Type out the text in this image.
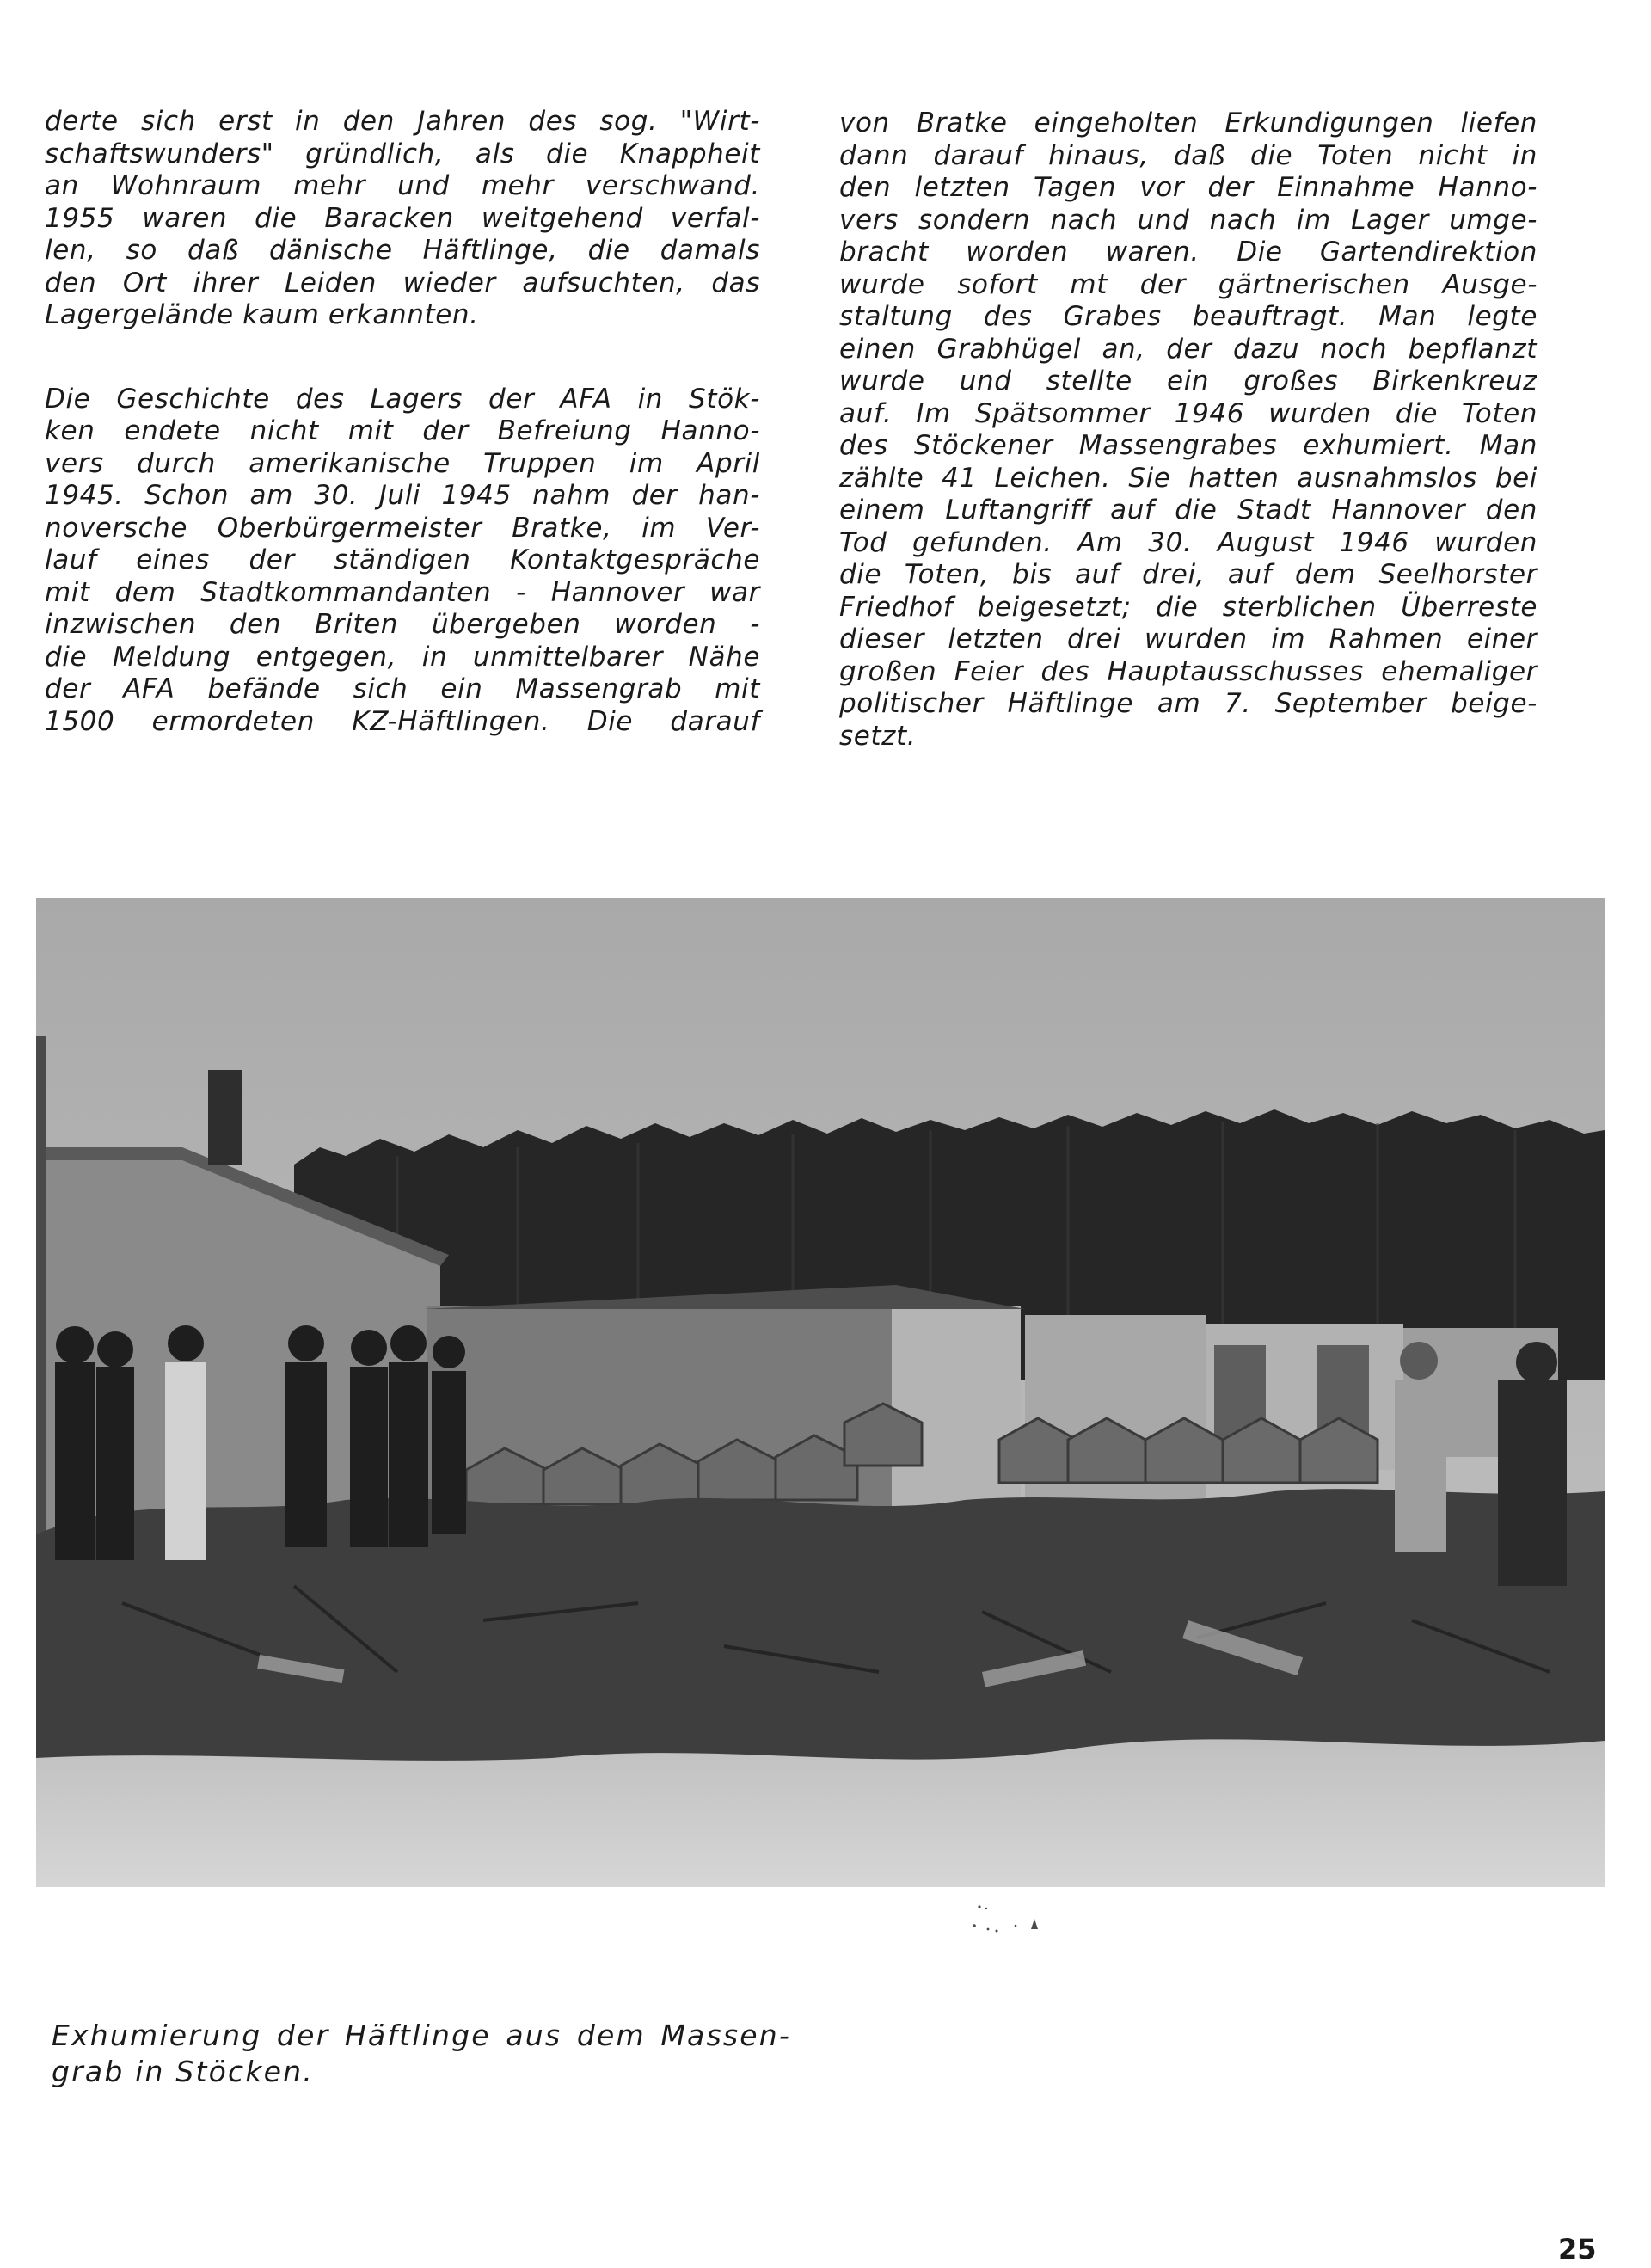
derte sich erst in den Jahren des sog. "Wirt-
schaftswunders" gründlich, als die Knappheit
an Wohnraum mehr und mehr verschwand.
1955 waren die Baracken weitgehend verfal-
len, so daß dänische Häftlinge, die damals
den Ort ihrer Leiden wieder aufsuchten, das
Lagergelände kaum erkannten.
Die Geschichte des Lagers der AFA in Stök-
ken endete nicht mit der Befreiung Hanno-
vers durch amerikanische Truppen im April
1945. Schon am 30. Juli 1945 nahm der han-
noversche Oberbürgermeister Bratke, im Ver-
lauf eines der ständigen Kontaktgespräche
mit dem Stadtkommandanten - Hannover war
inzwischen den Briten übergeben worden -
die Meldung entgegen, in unmittelbarer Nähe
der AFA befände sich ein Massengrab mit
1500 ermordeten KZ-Häftlingen. Die darauf
von Bratke eingeholten Erkundigungen liefen
dann darauf hinaus, daß die Toten nicht in
den letzten Tagen vor der Einnahme Hanno-
vers sondern nach und nach im Lager umge-
bracht worden waren. Die Gartendirektion
wurde sofort mt der gärtnerischen Ausge-
staltung des Grabes beauftragt. Man legte
einen Grabhügel an, der dazu noch bepflanzt
wurde und stellte ein großes Birkenkreuz
auf. Im Spätsommer 1946 wurden die Toten
des Stöckener Massengrabes exhumiert. Man
zählte 41 Leichen. Sie hatten ausnahmslos bei
einem Luftangriff auf die Stadt Hannover den
Tod gefunden. Am 30. August 1946 wurden
die Toten, bis auf drei, auf dem Seelhorster
Friedhof beigesetzt; die sterblichen Überreste
dieser letzten drei wurden im Rahmen einer
großen Feier des Hauptausschusses ehemaliger
politischer Häftlinge am 7. September beige-
setzt.
Exhumierung der Häftlinge aus dem Massen-
grab in Stöcken.
25
